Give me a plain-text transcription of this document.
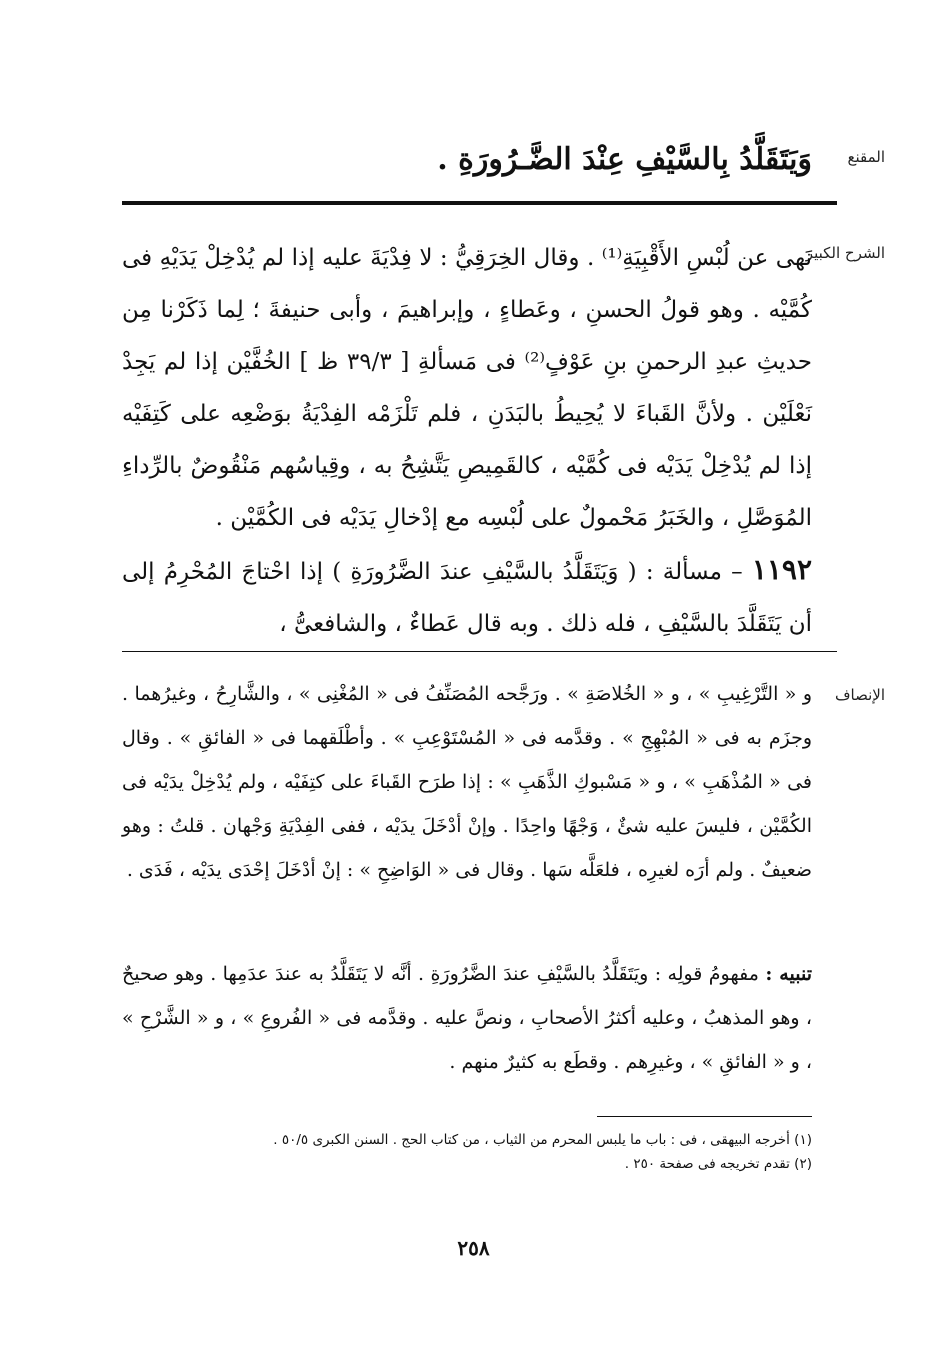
المقنع
وَيَتَقَلَّدُ بِالسَّيْفِ عِنْدَ الضَّـرُورَةِ .
الشرح الكبير

نَهى عن لُبْسِ الأَقْبِيَةِ⁽¹⁾ . وقال الخِرَقِيُّ : لا فِدْيَةَ عليه إذا لم يُدْخِلْ يَدَيْهِ فى كُمَّيْه . وهو قولُ الحسنِ ، وعَطاءٍ ، وإبراهيمَ ، وأبى حنيفةَ ؛ لِما ذَكَرْنا مِن حديثِ عبدِ الرحمنِ بنِ عَوْفٍ⁽²⁾ فى مَسألةِ [ ٣٩/٣ ظ ] الخُفَّيْن إذا لم يَجِدْ نَعْلَيْن . ولأنَّ القَباءَ لا يُحِيطُ بالبَدَنِ ، فلم تَلْزَمْه الفِدْيَةُ بوَضْعِه على كَتِفَيْه إذا لم يُدْخِلْ يَدَيْه فى كُمَّيْه ، كالقَمِيصِ يَتَّشِحُ به ، وقِياسُهم مَنْقُوضٌ بالرِّداءِ المُوَصَّلِ ، والخَبَرُ مَحْمولٌ على لُبْسِه مع إدْخالِ يَدَيْه فى الكُمَّيْن .

١١٩٢ – مسألة : ( وَيَتَقَلَّدُ بالسَّيْفِ عندَ الضَّرُورَةِ ) إذا احْتاجَ المُحْرِمُ إلى أن يَتَقَلَّدَ بالسَّيْفِ ، فله ذلك . وبه قال عَطاءٌ ، والشافعىُّ ،

الإنصاف

و « التَّرْغِيبِ » ، و « الخُلاصَةِ » . ورَجَّحه المُصَنِّفُ فى « المُغْنِى » ، والشَّارِحُ ، وغيرُهما . وجزَم به فى « المُبْهِجِ » . وقدَّمه فى « المُسْتَوْعِبِ » . وأطْلَقهما فى « الفائقِ » . وقال فى « المُذْهَبِ » ، و « مَسْبوكِ الذَّهَبِ » : إذا طرَح القَباءَ على كتِفَيْه ، ولم يُدْخِلْ يدَيْه فى الكُمَّيْن ، فليسَ عليه شئٌ ، وَجْهًا واحِدًا . وإنْ أدْخَلَ يدَيْه ، ففى الفِدْيَةِ وَجْهان . قلتُ : وهو ضعيفٌ . ولم أرَه لغيرِه ، فلعَلَّه سَها . وقال فى « الوَاضِحِ » : إنْ أدْخَلَ إحْدَى يدَيْه ، فَدَى .

تنبيه : مفهومُ قولِه : ويَتَقَلَّدُ بالسَّيْفِ عندَ الضَّرُورَةِ . أنَّه لا يَتَقَلَّدُ به عندَ عدَمِها . وهو صحيحٌ ، وهو المذهبُ ، وعليه أكثرُ الأصحابِ ، ونصَّ عليه . وقدَّمه فى « الفُروعِ » ، و « الشَّرْحِ » ، و « الفائقِ » ، وغيرِهم . وقطَع به كثيرٌ منهم .

(١) أخرجه البيهقى ، فى : باب ما يلبس المحرم من الثياب ، من كتاب الحج . السنن الكبرى ٥٠/٥ .
(٢) تقدم تخريجه فى صفحة ٢٥٠ .
٢٥٨
